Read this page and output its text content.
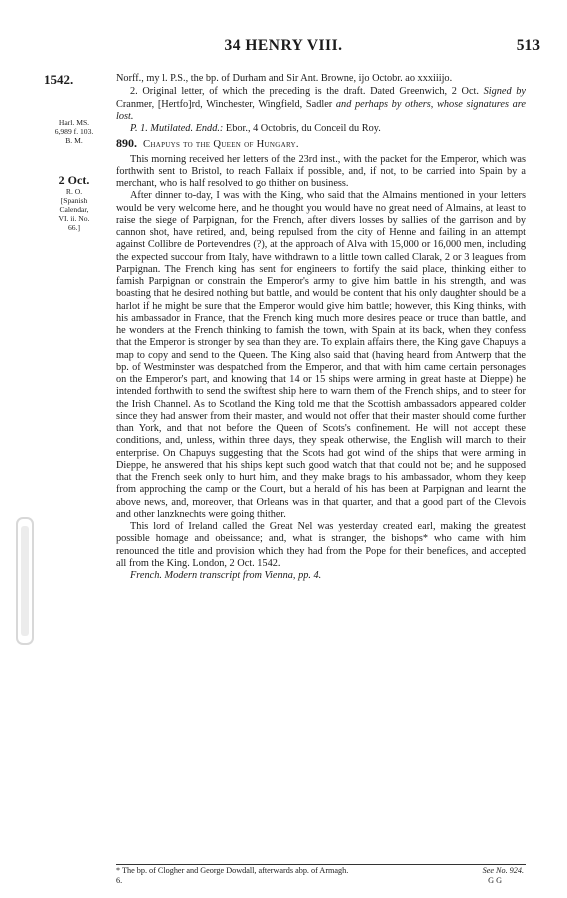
34 HENRY VIII.	513
1542.
Harl. MS.
6,989 f. 103.
B. M.
2 Oct.
R. O.
[Spanish
Calendar,
VI. ii. No.
66.]

Norff., my l. P.S., the bp. of Durham and Sir Ant. Browne, ijo Octobr. ao xxxiiijo.

2. Original letter, of which the preceding is the draft. Dated Greenwich, 2 Oct. Signed by Cranmer, [Hertfo]rd, Winchester, Wingfield, Sadler and perhaps by others, whose signatures are lost.

P. 1. Mutilated. Endd.: Ebor., 4 Octobris, du Conceil du Roy.

890. Chapuys to the Queen of Hungary.

This morning received her letters of the 23rd inst., with the packet for the Emperor, which was forthwith sent to Bristol, to reach Fallaix if possible, and, if not, to be carried into Spain by a merchant, who is half resolved to go thither on business.

After dinner to-day, I was with the King, who said that the Almains mentioned in your letters would be very welcome here, and he thought you would have no great need of Almains, at least to raise the siege of Parpignan, for the French, after divers losses by sallies of the garrison and by cannon shot, have retired, and, being repulsed from the city of Henne and failing in an attempt against Collibre de Portevendres (?), at the approach of Alva with 15,000 or 16,000 men, including the expected succour from Italy, have withdrawn to a little town called Clarak, 2 or 3 leagues from Parpignan. The French king has sent for engineers to fortify the said place, thinking either to famish Parpignan or constrain the Emperor's army to give him battle in his strength, and was boasting that he desired nothing but battle, and would be content that his only daughter should be a harlot if he might be sure that the Emperor would give him battle; however, this King thinks, with his ambassador in France, that the French king much more desires peace or truce than battle, and he wonders at the French thinking to famish the town, with Spain at its back, when they confess that the Emperor is stronger by sea than they are. To explain affairs there, the King gave Chapuys a map to copy and send to the Queen. The King also said that (having heard from Antwerp that the bp. of Westminster was despatched from the Emperor, and that with him came certain personages on the Emperor's part, and knowing that 14 or 15 ships were arming in great haste at Dieppe) he intended forthwith to send the swiftest ship here to warn them of the French ships, and to steer for the Irish Channel. As to Scotland the King told me that the Scottish ambassadors appeared colder since they had answer from their master, and would not offer that their master should come further than York, and that not before the Queen of Scots's confinement. He will not accept these conditions, and, unless, within three days, they speak otherwise, the English will march to their enterprise. On Chapuys suggesting that the Scots had got wind of the ships that were arming in Dieppe, he answered that his ships kept such good watch that that could not be; and he supposed that the French seek only to hurt him, and they make brags to his ambassador, whom they keep from approching the camp or the Court, but a herald of his has been at Parpignan and learnt the above news, and, moreover, that Orleans was in that quarter, and that a good part of the Clevois and other lanzknechts were going thither.

This lord of Ireland called the Great Nel was yesterday created earl, making the greatest possible homage and obeissance; and, what is stranger, the bishops* who came with him renounced the title and provision which they had from the Pope for their benefices, and accepted all from the King. London, 2 Oct. 1542.

French. Modern transcript from Vienna, pp. 4.

* The bp. of Clogher and George Dowdall, afterwards abp. of Armagh.	See No. 924.
6.	G G
